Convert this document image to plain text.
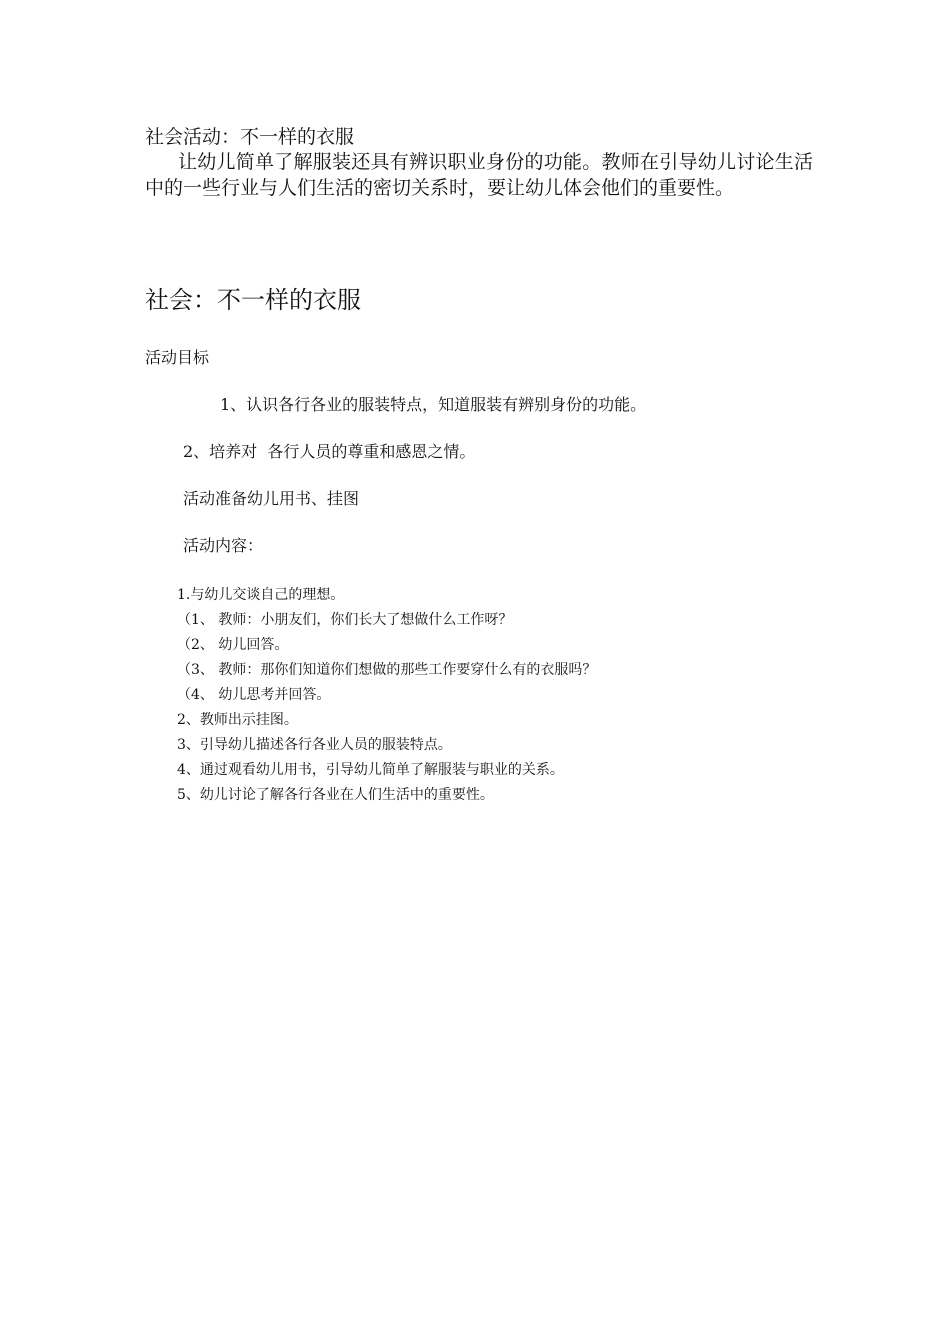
社会活动：不一样的衣服
让幼儿简单了解服装还具有辨识职业身份的功能。教师在引导幼儿讨论生活中的一些行业与人们生活的密切关系时，要让幼儿体会他们的重要性。
社会：不一样的衣服
活动目标
1、认识各行各业的服装特点，知道服装有辨别身份的功能。
2、培养对  各行人员的尊重和感恩之情。
活动准备幼儿用书、挂图
活动内容：
1.与幼儿交谈自己的理想。
（1、 教师：小朋友们，你们长大了想做什么工作呀？
（2、 幼儿回答。
（3、 教师：那你们知道你们想做的那些工作要穿什么有的衣服吗？
（4、 幼儿思考并回答。
2、教师出示挂图。
3、引导幼儿描述各行各业人员的服装特点。
4、通过观看幼儿用书，引导幼儿简单了解服装与职业的关系。
5、幼儿讨论了解各行各业在人们生活中的重要性。
